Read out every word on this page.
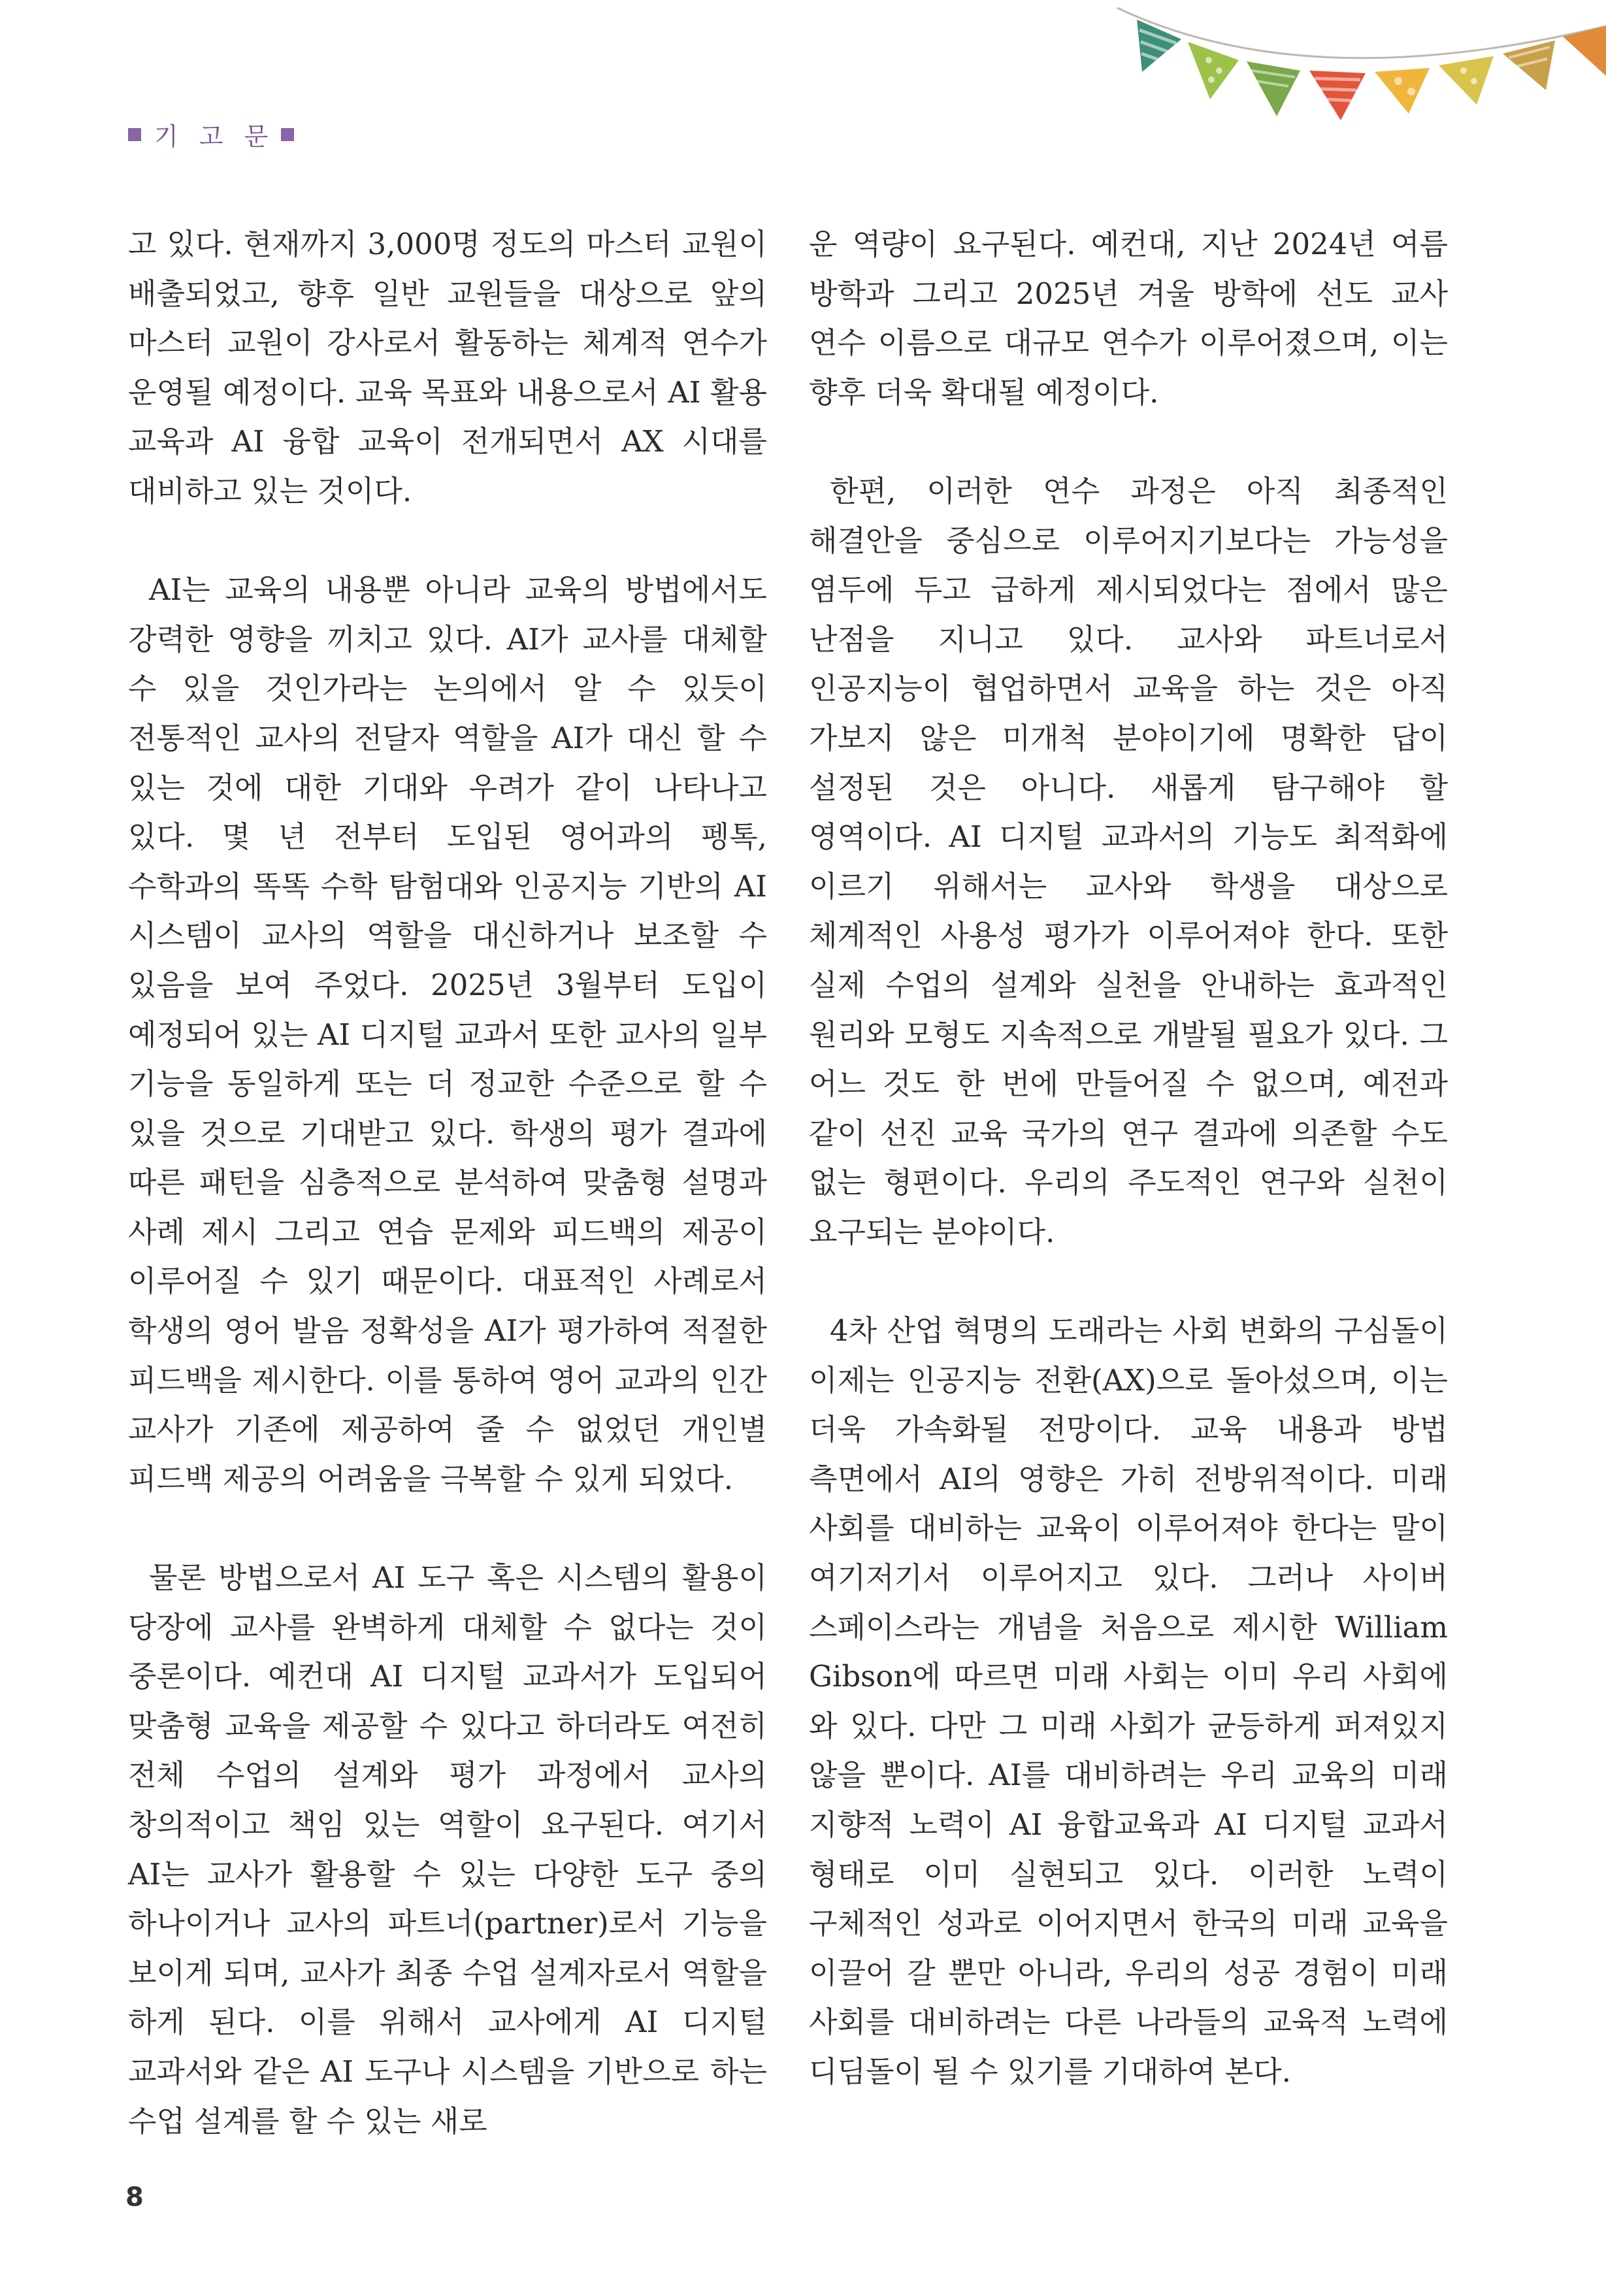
기 고 문

고 있다. 현재까지 3,000명 정도의 마스터 교원이 배출되었고, 향후 일반 교원들을 대상으로 앞의 마스터 교원이 강사로서 활동하는 체계적 연수가 운영될 예정이다. 교육 목표와 내용으로서 AI 활용 교육과 AI 융합 교육이 전개되면서 AX 시대를 대비하고 있는 것이다.

AI는 교육의 내용뿐 아니라 교육의 방법에서도 강력한 영향을 끼치고 있다. AI가 교사를 대체할 수 있을 것인가라는 논의에서 알 수 있듯이 전통적인 교사의 전달자 역할을 AI가 대신 할 수 있는 것에 대한 기대와 우려가 같이 나타나고 있다. 몇 년 전부터 도입된 영어과의 펭톡, 수학과의 똑똑 수학 탐험대와 인공지능 기반의 AI 시스템이 교사의 역할을 대신하거나 보조할 수 있음을 보여 주었다. 2025년 3월부터 도입이 예정되어 있는 AI 디지털 교과서 또한 교사의 일부 기능을 동일하게 또는 더 정교한 수준으로 할 수 있을 것으로 기대받고 있다. 학생의 평가 결과에 따른 패턴을 심층적으로 분석하여 맞춤형 설명과 사례 제시 그리고 연습 문제와 피드백의 제공이 이루어질 수 있기 때문이다. 대표적인 사례로서 학생의 영어 발음 정확성을 AI가 평가하여 적절한 피드백을 제시한다. 이를 통하여 영어 교과의 인간 교사가 기존에 제공하여 줄 수 없었던 개인별 피드백 제공의 어려움을 극복할 수 있게 되었다.

물론 방법으로서 AI 도구 혹은 시스템의 활용이 당장에 교사를 완벽하게 대체할 수 없다는 것이 중론이다. 예컨대 AI 디지털 교과서가 도입되어 맞춤형 교육을 제공할 수 있다고 하더라도 여전히 전체 수업의 설계와 평가 과정에서 교사의 창의적이고 책임 있는 역할이 요구된다. 여기서 AI는 교사가 활용할 수 있는 다양한 도구 중의 하나이거나 교사의 파트너(partner)로서 기능을 보이게 되며, 교사가 최종 수업 설계자로서 역할을 하게 된다. 이를 위해서 교사에게 AI 디지털 교과서와 같은 AI 도구나 시스템을 기반으로 하는 수업 설계를 할 수 있는 새로

운 역량이 요구된다. 예컨대, 지난 2024년 여름 방학과 그리고 2025년 겨울 방학에 선도 교사 연수 이름으로 대규모 연수가 이루어졌으며, 이는 향후 더욱 확대될 예정이다.

한편, 이러한 연수 과정은 아직 최종적인 해결안을 중심으로 이루어지기보다는 가능성을 염두에 두고 급하게 제시되었다는 점에서 많은 난점을 지니고 있다. 교사와 파트너로서 인공지능이 협업하면서 교육을 하는 것은 아직 가보지 않은 미개척 분야이기에 명확한 답이 설정된 것은 아니다. 새롭게 탐구해야 할 영역이다. AI 디지털 교과서의 기능도 최적화에 이르기 위해서는 교사와 학생을 대상으로 체계적인 사용성 평가가 이루어져야 한다. 또한 실제 수업의 설계와 실천을 안내하는 효과적인 원리와 모형도 지속적으로 개발될 필요가 있다. 그 어느 것도 한 번에 만들어질 수 없으며, 예전과 같이 선진 교육 국가의 연구 결과에 의존할 수도 없는 형편이다. 우리의 주도적인 연구와 실천이 요구되는 분야이다.

4차 산업 혁명의 도래라는 사회 변화의 구심돌이 이제는 인공지능 전환(AX)으로 돌아섰으며, 이는 더욱 가속화될 전망이다. 교육 내용과 방법 측면에서 AI의 영향은 가히 전방위적이다. 미래 사회를 대비하는 교육이 이루어져야 한다는 말이 여기저기서 이루어지고 있다. 그러나 사이버 스페이스라는 개념을 처음으로 제시한 William Gibson에 따르면 미래 사회는 이미 우리 사회에 와 있다. 다만 그 미래 사회가 균등하게 퍼져있지 않을 뿐이다. AI를 대비하려는 우리 교육의 미래 지향적 노력이 AI 융합교육과 AI 디지털 교과서 형태로 이미 실현되고 있다. 이러한 노력이 구체적인 성과로 이어지면서 한국의 미래 교육을 이끌어 갈 뿐만 아니라, 우리의 성공 경험이 미래 사회를 대비하려는 다른 나라들의 교육적 노력에 디딤돌이 될 수 있기를 기대하여 본다.

8
